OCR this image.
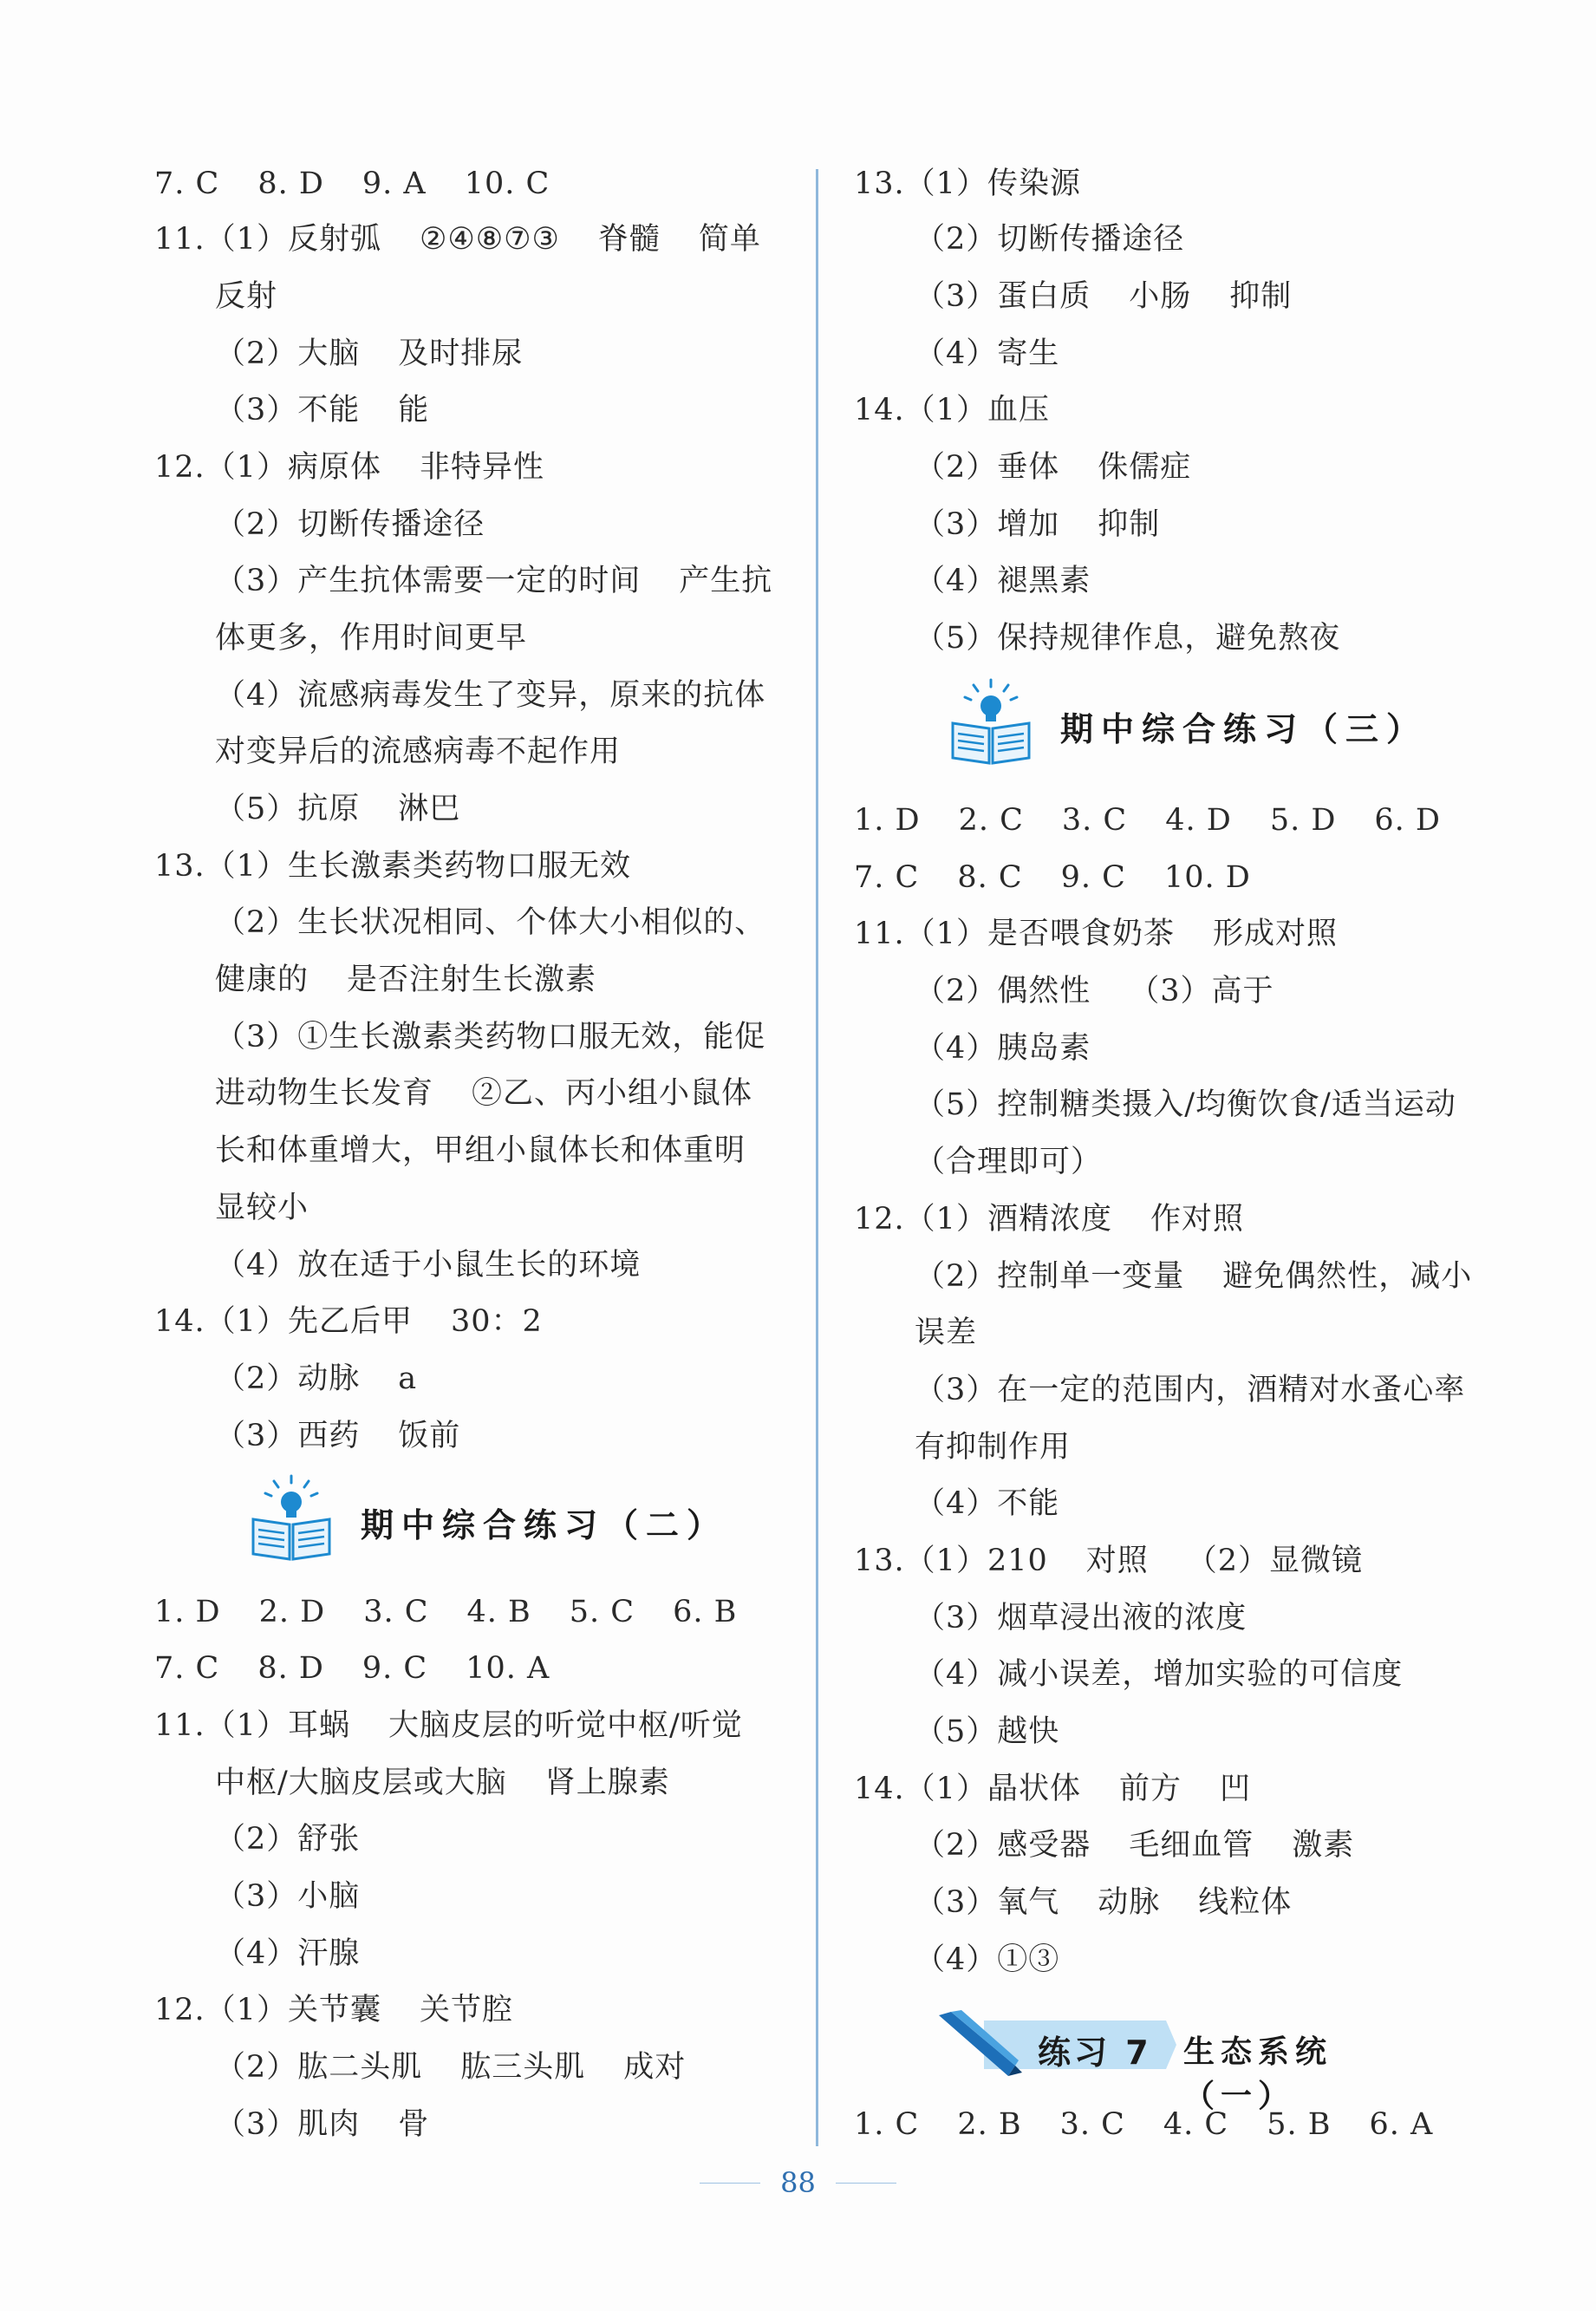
7. C 8. D 9. A 10. C
11.（1）反射弧 ②④⑧⑦③ 脊髓 简单
反射
（2）大脑 及时排尿
（3）不能 能
12.（1）病原体 非特异性
（2）切断传播途径
（3）产生抗体需要一定的时间 产生抗
体更多，作用时间更早
（4）流感病毒发生了变异，原来的抗体
对变异后的流感病毒不起作用
（5）抗原 淋巴
13.（1）生长激素类药物口服无效
（2）生长状况相同、个体大小相似的、
健康的 是否注射生长激素
（3）①生长激素类药物口服无效，能促
进动物生长发育 ②乙、丙小组小鼠体
长和体重增大，甲组小鼠体长和体重明
显较小
（4）放在适于小鼠生长的环境
14.（1）先乙后甲 30：2
（2）动脉 a
（3）西药 饭前
期中综合练习（二）
1. D 2. D 3. C 4. B 5. C 6. B
7. C 8. D 9. C 10. A
11.（1）耳蜗 大脑皮层的听觉中枢/听觉
中枢/大脑皮层或大脑 肾上腺素
（2）舒张
（3）小脑
（4）汗腺
12.（1）关节囊 关节腔
（2）肱二头肌 肱三头肌 成对
（3）肌肉 骨
13.（1）传染源
（2）切断传播途径
（3）蛋白质 小肠 抑制
（4）寄生
14.（1）血压
（2）垂体 侏儒症
（3）增加 抑制
（4）褪黑素
（5）保持规律作息，避免熬夜
期中综合练习（三）
1. D 2. C 3. C 4. D 5. D 6. D
7. C 8. C 9. C 10. D
11.（1）是否喂食奶茶 形成对照
（2）偶然性 （3）高于
（4）胰岛素
（5）控制糖类摄入/均衡饮食/适当运动
（合理即可）
12.（1）酒精浓度 作对照
（2）控制单一变量 避免偶然性，减小
误差
（3）在一定的范围内，酒精对水蚤心率
有抑制作用
（4）不能
13.（1）210 对照 （2）显微镜
（3）烟草浸出液的浓度
（4）减小误差，增加实验的可信度
（5）越快
14.（1）晶状体 前方 凹
（2）感受器 毛细血管 激素
（3）氧气 动脉 线粒体
（4）①③
1. C 2. B 3. C 4. C 5. B 6. A
练习 7 生态系统（一）
88
